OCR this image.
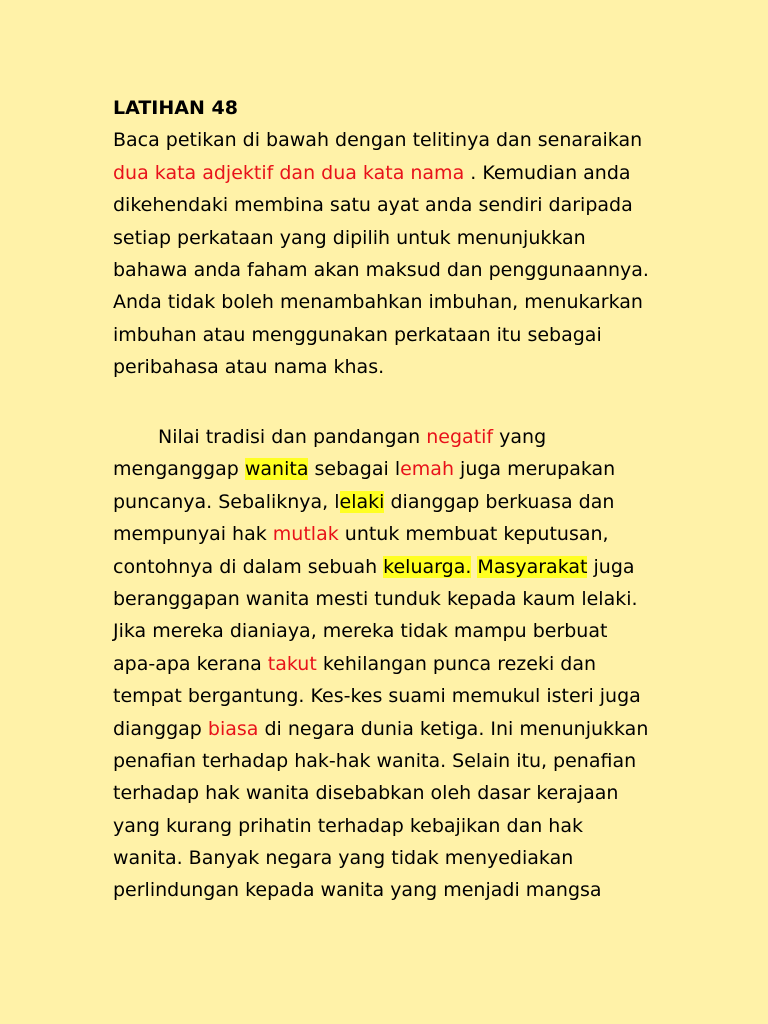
LATIHAN 48
Baca petikan di bawah dengan telitinya dan senaraikan
dua kata adjektif dan dua kata nama . Kemudian anda
dikehendaki membina satu ayat anda sendiri daripada
setiap perkataan yang dipilih untuk menunjukkan
bahawa anda faham akan maksud dan penggunaannya.
Anda tidak boleh menambahkan imbuhan, menukarkan
imbuhan atau menggunakan perkataan itu sebagai
peribahasa atau nama khas.
Nilai tradisi dan pandangan negatif yang
menganggap wanita sebagai lemah juga merupakan
puncanya. Sebaliknya, lelaki dianggap berkuasa dan
mempunyai hak mutlak untuk membuat keputusan,
contohnya di dalam sebuah keluarga. Masyarakat juga
beranggapan wanita mesti tunduk kepada kaum lelaki.
Jika mereka dianiaya, mereka tidak mampu berbuat
apa-apa kerana takut kehilangan punca rezeki dan
tempat bergantung. Kes-kes suami memukul isteri juga
dianggap biasa di negara dunia ketiga. Ini menunjukkan
penafian terhadap hak-hak wanita. Selain itu, penafian
terhadap hak wanita disebabkan oleh dasar kerajaan
yang kurang prihatin terhadap kebajikan dan hak
wanita. Banyak negara yang tidak menyediakan
perlindungan kepada wanita yang menjadi mangsa
